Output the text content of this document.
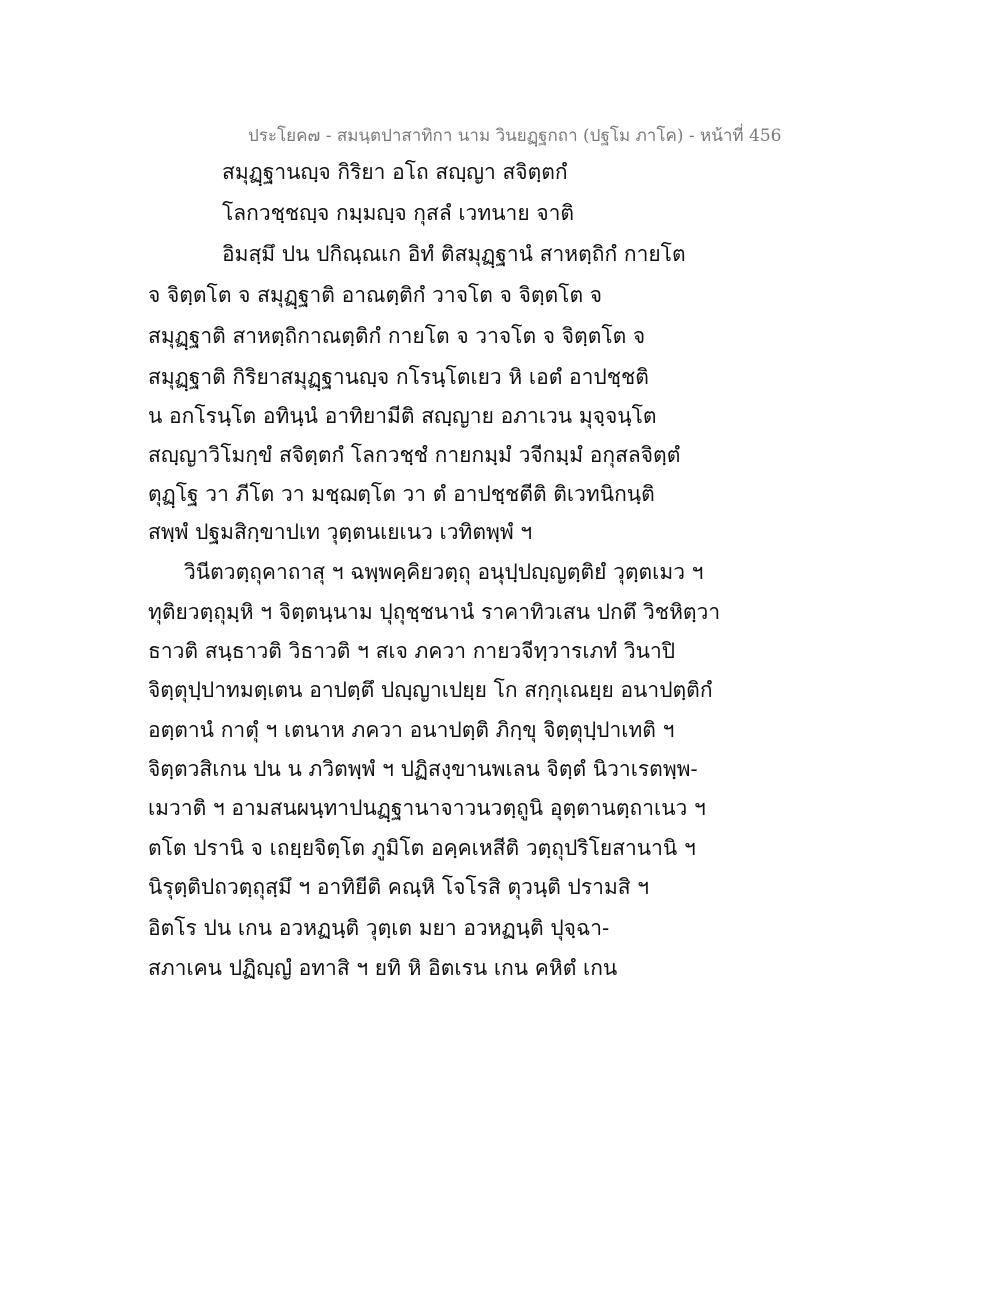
ประโยค๗ - สมนฺตปาสาทิกา นาม วินยฏฺฐกถา (ปฐโม ภาโค) - หน้าที่ 456
สมุฏฺฐานญฺจ กิริยา อโถ สญฺญา สจิตฺตกํ
โลกวชฺชญฺจ กมฺมญฺจ กุสลํ เวทนาย จาติ
อิมสฺมึ ปน ปกิณฺณเก อิทํ ติสมุฏฺฐานํ สาหตฺถิกํ กายโต
จ จิตฺตโต จ สมุฏฺฐาติ อาณตฺติกํ วาจโต จ จิตฺตโต จ
สมุฏฺฐาติ สาหตฺถิกาณตฺติกํ กายโต จ วาจโต จ จิตฺตโต จ
สมุฏฺฐาติ กิริยาสมุฏฺฐานญฺจ กโรนฺโตเยว หิ เอตํ อาปชฺชติ
น อกโรนฺโต อทินฺนํ อาทิยามีติ สญฺญาย อภาเวน มุจฺจนฺโต
สญฺญาวิโมกฺขํ สจิตฺตกํ โลกวชฺชํ กายกมฺมํ วจีกมฺมํ อกุสลจิตฺตํ
ตุฏฺโฐ วา ภีโต วา มชฺฌตฺโต วา ตํ อาปชฺชตีติ ติเวทนิกนฺติ
สพฺพํ ปฐมสิกฺขาปเท วุตฺตนเยเนว เวทิตพฺพํ ฯ
วินีตวตฺถุคาถาสุ ฯ ฉพฺพคฺคิยวตฺถุ อนุปฺปญฺญตฺติยํ วุตฺตเมว ฯ
ทุติยวตฺถุมฺหิ ฯ จิตฺตนฺนาม ปุถุชฺชนานํ ราคาทิวเสน ปกตึ วิชหิตฺวา
ธาวติ สนฺธาวติ วิธาวติ ฯ สเจ ภควา กายวจีทฺวารเภทํ วินาปิ
จิตฺตุปฺปาทมตฺเตน อาปตฺตึ ปญฺญาเปยฺย โก สกฺกุเณยฺย อนาปตฺติกํ
อตฺตานํ กาตุํ ฯ เตนาห ภควา อนาปตฺติ ภิกฺขุ จิตฺตุปฺปาเทติ ฯ
จิตฺตวสิเกน ปน น ภวิตพฺพํ ฯ ปฏิสงฺขานพเลน จิตฺตํ นิวาเรตพฺพ-
เมวาติ ฯ อามสนผนฺทาปนฏฺฐานาจาวนวตฺถูนิ อุตฺตานตฺถาเนว ฯ
ตโต ปรานิ จ เถยฺยจิตฺโต ภูมิโต อคฺคเหสีติ วตฺถุปริโยสานานิ ฯ
นิรุตฺติปถวตฺถุสฺมึ ฯ อาทิยีติ คณฺหิ โจโรสิ ตุวนฺติ ปรามสิ ฯ
อิตโร ปน เกน อวหฏนฺติ วุตฺเต มยา อวหฏนฺติ ปุจฺฉา-
สภาเคน ปฏิญฺญํ อทาสิ ฯ ยทิ หิ อิตเรน เกน คหิตํ เกน
